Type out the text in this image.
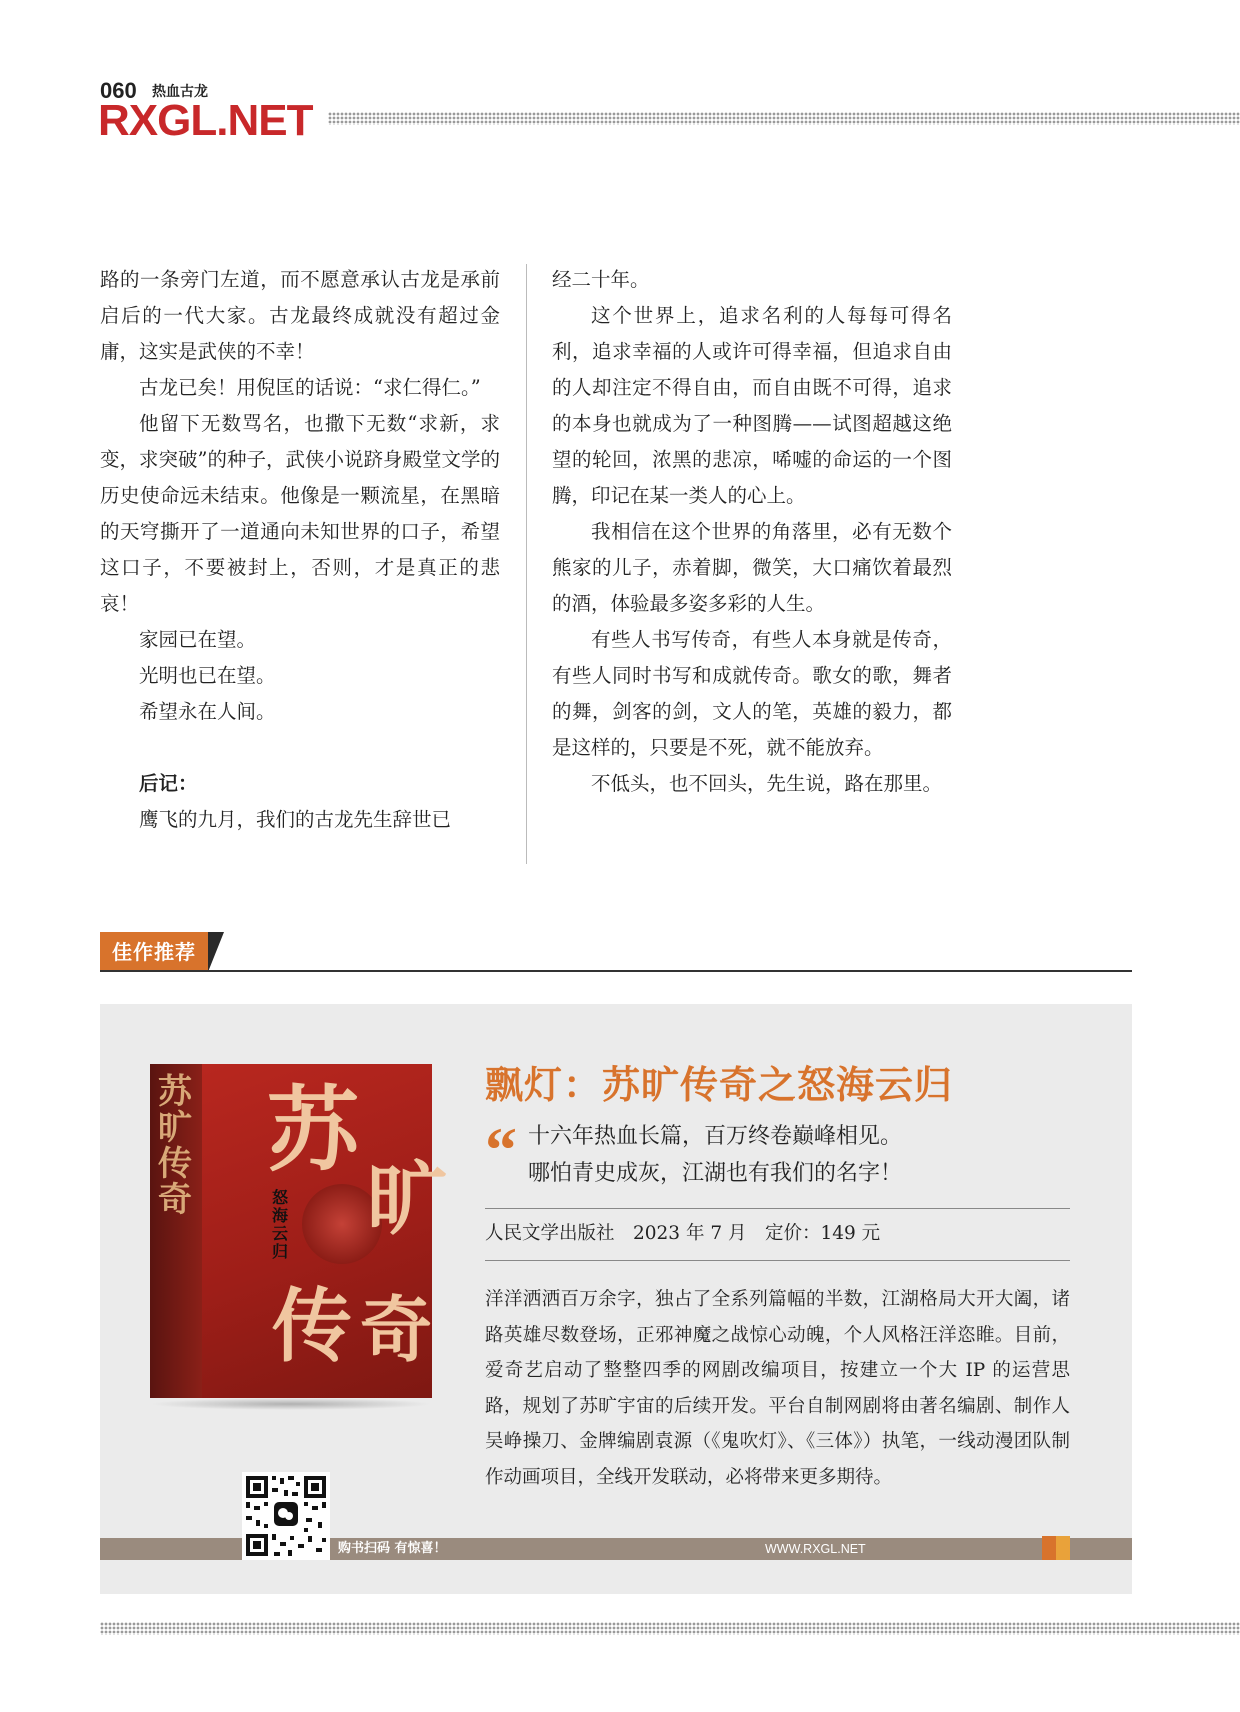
060 热血古龙
RXGL.NET

路的一条旁门左道，而不愿意承认古龙是承前启后的一代大家。古龙最终成就没有超过金庸，这实是武侠的不幸！

古龙已矣！用倪匡的话说：“求仁得仁。”

他留下无数骂名，也撒下无数“求新，求变，求突破”的种子，武侠小说跻身殿堂文学的历史使命远未结束。他像是一颗流星，在黑暗的天穹撕开了一道通向未知世界的口子，希望这口子，不要被封上，否则，才是真正的悲哀！

家园已在望。

光明也已在望。

希望永在人间。

后记：

鹰飞的九月，我们的古龙先生辞世已

经二十年。

这个世界上，追求名利的人每每可得名利，追求幸福的人或许可得幸福，但追求自由的人却注定不得自由，而自由既不可得，追求的本身也就成为了一种图腾——试图超越这绝望的轮回，浓黑的悲凉，唏嘘的命运的一个图腾，印记在某一类人的心上。

我相信在这个世界的角落里，必有无数个熊家的儿子，赤着脚，微笑，大口痛饮着最烈的酒，体验最多姿多彩的人生。

有些人书写传奇，有些人本身就是传奇，有些人同时书写和成就传奇。歌女的歌，舞者的舞，剑客的剑，文人的笔，英雄的毅力，都是这样的，只要是不死，就不能放弃。

不低头，也不回头，先生说，路在那里。

佳作推荐
苏旷传奇
苏
旷
传 奇
怒海云归
飘灯：苏旷传奇之怒海云归
“ 十六年热血长篇，百万终卷巅峰相见。
哪怕青史成灰，江湖也有我们的名字！
人民文学出版社　2023 年 7 月　定价：149 元
洋洋洒洒百万余字，独占了全系列篇幅的半数，江湖格局大开大阖，诸路英雄尽数登场，正邪神魔之战惊心动魄，个人风格汪洋恣睢。目前，爱奇艺启动了整整四季的网剧改编项目，按建立一个大 IP 的运营思路，规划了苏旷宇宙的后续开发。平台自制网剧将由著名编剧、制作人吴峥操刀、金牌编剧袁源（《鬼吹灯》、《三体》）执笔，一线动漫团队制作动画项目，全线开发联动，必将带来更多期待。
购书扫码 有惊喜！	WWW.RXGL.NET
